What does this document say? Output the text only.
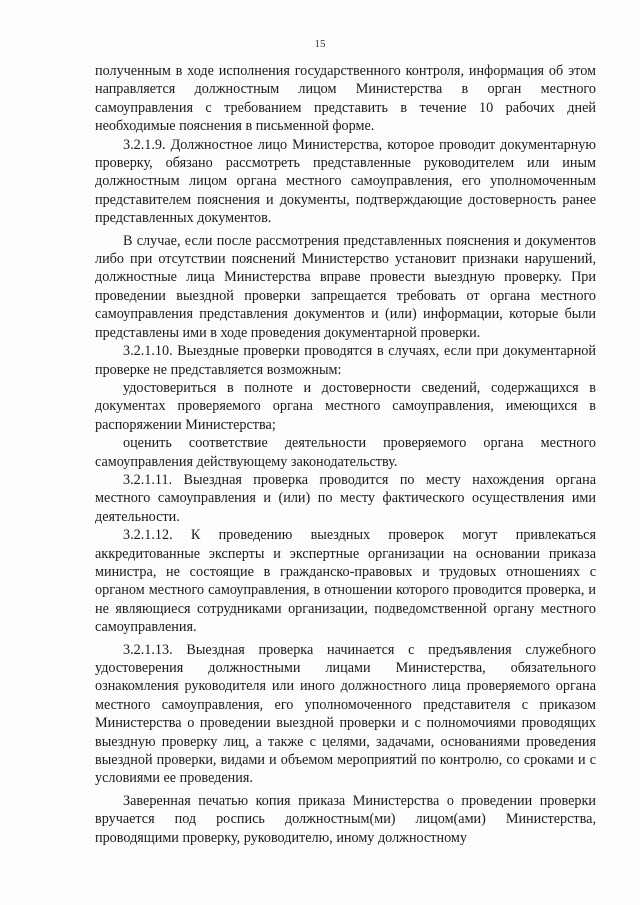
15

полученным в ходе исполнения государственного контроля, информация об этом направляется должностным лицом Министерства в орган местного самоуправления с требованием представить в течение 10 рабочих дней необходимые пояснения в письменной форме.

3.2.1.9. Должностное лицо Министерства, которое проводит документарную проверку, обязано рассмотреть представленные руководителем или иным должностным лицом органа местного самоуправления, его уполномоченным представителем пояснения и документы, подтверждающие достоверность ранее представленных документов.

В случае, если после рассмотрения представленных пояснения и документов либо при отсутствии пояснений Министерство установит признаки нарушений, должностные лица Министерства вправе провести выездную проверку. При проведении выездной проверки запрещается требовать от органа местного самоуправления представления документов и (или) информации, которые были представлены ими в ходе проведения документарной проверки.

3.2.1.10. Выездные проверки проводятся в случаях, если при документарной проверке не представляется возможным:

удостовериться в полноте и достоверности сведений, содержащихся в документах проверяемого органа местного самоуправления, имеющихся в распоряжении Министерства;

оценить соответствие деятельности проверяемого органа местного самоуправления действующему законодательству.

3.2.1.11. Выездная проверка проводится по месту нахождения органа местного самоуправления и (или) по месту фактического осуществления ими деятельности.

3.2.1.12. К проведению выездных проверок могут привлекаться аккредитованные эксперты и экспертные организации на основании приказа министра, не состоящие в гражданско-правовых и трудовых отношениях с органом местного самоуправления, в отношении которого проводится проверка, и не являющиеся сотрудниками организации, подведомственной органу местного самоуправления.

3.2.1.13. Выездная проверка начинается с предъявления служебного удостоверения должностными лицами Министерства, обязательного ознакомления руководителя или иного должностного лица проверяемого органа местного самоуправления, его уполномоченного представителя с приказом Министерства о проведении выездной проверки и с полномочиями проводящих выездную проверку лиц, а также с целями, задачами, основаниями проведения выездной проверки, видами и объемом мероприятий по контролю, со сроками и с условиями ее проведения.

Заверенная печатью копия приказа Министерства о проведении проверки вручается под роспись должностным(ми) лицом(ами) Министерства, проводящими проверку, руководителю, иному должностному
